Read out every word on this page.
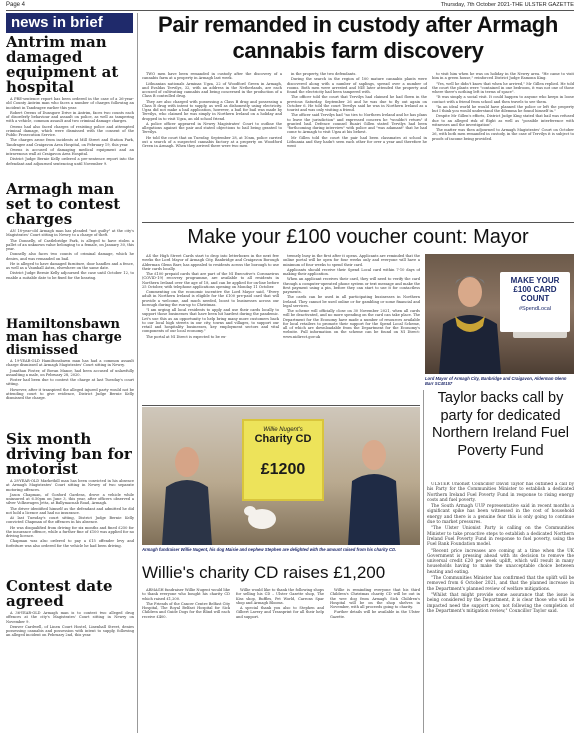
Page 4	Thursday, 7th October 2021-THE ULSTER GAZETTE
news in brief
Antrim man damaged equipment at hospital

A PRE-sentence report has been ordered in the case of a 26-year-old County Antrim man who faces a number of charges following an incident in Tandragee earlier this year.

Robert Owens of Dunsgore Drive in Antrim, faces two counts each of disorderly behaviour and assault on police, as well as tampering with a vehicle, common assault and two criminal damage charges.

Owens had also faced charges of resisting police and attempted criminal damage, which were dismissed with the consent of the Public Prosecution Service.

The charges arose from incidents at Mill Street and Station Park, Tandragee and Craigavon Area Hospital, on February 19, this year.

Owens is accused of damaging medical equipment and an intravenous wall at Craigavon Area Hospital.

District Judge Bernie Kelly ordered a pre-sentence report into the defendant and adjourned sentencing until November 9.

Armagh man set to contest charges

AN 18-year-old Armagh man has pleaded "not guilty" at the city's Magistrates' Court sitting in Newry to a charge of theft.

The Donnelly, of Castlebridge Park, is alleged to have stolen a pallet of an unknown value belonging to a female, on January 30, this year.

Donnelly also faces two counts of criminal damage, which he denies, and was remanded on bail.

He is alleged to have damaged furniture, door handles and a fence, as well as a Vauxhall Astra, elsewhere on the same date.

District Judge Bernie Kelly adjourned the case until October 12, to enable a suitable date to be fixed for the hearing.

Hamiltonsbawn man has charge dismissed

A 19-YEAR-OLD Hamiltonsbawn man has had a common assault charge dismissed at Armagh Magistrates' Court sitting in Newry.

Jonathan Foster, of Bovan Manor, had been accused of unlawfully assaulting a male, on February 28, 2020.

Foster had been due to contest the charge at last Tuesday's court sitting.

However, after it transpired the alleged injured party would not be attending court to give evidence, District Judge Bernie Kelly dismissed the charge.

Six month driving ban for motorist

A 28-YEAR-OLD Markethill man has been convicted in his absence at Armagh Magistrates' Court sitting in Newry of two separate motoring offences.

Jason Chapman, of Gosford Gardens, drove a vehicle while uninsured at 6.50pm on June 3, this year, after officers observed a silver Volkswagen Jetta, at Ballymacnab Road, Armagh.

The driver identified himself as the defendant and admitted he did not hold a licence and had no insurance.

At last Tuesday's court sitting, District Judge Bernie Kelly convicted Chapman of the offences in his absence.

He was disqualified from driving for six months and fined £250 for the insurance offence, while a further fine of £100 was applied for no driving licence.

Chapman was also ordered to pay a £15 offender levy and forfeiture was also ordered for the vehicle he had been driving.

Contest date agreed

A 36-YEAR-OLD Armagh man is to contest two alleged drug offences at the city's Magistrates' Court sitting in Newry on November 9.

Denver Cardwell, of Linen Court Hostel, Linenhall Street, denies possessing cannabis and possession with intent to supply, following an alleged incident on February 2nd, this year.

Pair remanded in custody after Armagh cannabis farm discovery

TWO men have been remanded in custody after the discovery of a cannabis farm at a property in Armagh last week.

Lithuanian nationals Arminas Ugza, 22 of Woodford Green in Armagh, and Evaldas Tervilys, 32, with an address in the Netherlands, are each accused of cultivating cannabis and being concerned in the production of a Class B controlled drug.

They are also charged with possessing a Class B drug and possessing a Class B drug with intent to supply, as well as dishonestly using electricity. Ugza did not make a bail application, however, a bail for bail was made by Tervilys, who claimed he was simply in Northern Ireland on a holiday and dropped in to visit Ugza, an old school friend.

A police officer appeared in Newry Magistrates' Court to outline the allegations against the pair and stated objections to bail being granted to Tervilys.

He told the court that on Tuesday, September 28, at 10am, police carried out a search of a suspected cannabis factory at a property on Woodford Green in Armagh. When they arrived there were two men

in the property, the two defendants.

During the search in the region of 100 mature cannabis plants were discovered along with a number of saplings, spread over a number of rooms. Both men were arrested and NIE later attended the property and found the electricity had been tampered with.

The officer told the court that Tervilys had claimed he had flown in the previous Saturday, September 26 and he was due to fly out again on October 6. He told the court Tervilys said he was in Northern Ireland as a tourist and was only visiting a friend.

The officer said Tervilys had "no ties to Northern Ireland and he has plans to leave the jurisdiction" and expressed concern he "wouldn't return" if granted bail. Defence counsel Ruairi Gillen stated Tervilys had been "forthcoming during interview" with police and "was adamant" that he had come to Armagh to visit Ugza at his behest.

Mr Gillen told the court the pair had been classmates at school in Lithuania and they hadn't seen each other for over a year and therefore he went

to visit him when he was on holiday in the Newry area. "He came to visit him in a green house," reinforced District Judge Eamonn King.

"Yes, well he didn't know that when he arrived," Mr Gillen replied. He told the court the plants were "contained in one bedroom, it was not one of those where there's nothing left in terms of space".

"It was simply a social visit. It could happen to anyone who keeps in loose contact with a friend from school and then travels to see them.

"In an ideal world he would have planned the police or left the property but I think you would understand the dilemma he found himself in."

Despite Mr Gillen's efforts, District Judge King stated that bail was refused due to an alleged risk of flight as well as "possible interference with witnesses and the investigation".

The matter was then adjourned to Armagh Magistrates' Court on October 26, with both men remanded in custody, in the case of Tervilys it is subject to proofs of income being provided.

Make your £100 voucher count: Mayor

AS the High Street Cards start to drop into letterboxes in the next few weeks the Lord Mayor of Armagh City, Banbridge and Craigavon Borough Alderman Glenn Barr, has appealed to residents across the borough to use their cards locally.

The £100 prepaid cards that are part of the NI Executive's Coronavirus (COVID-19) recovery programme, are available to all residents in Northern Ireland over the age of 18, and can be applied for on-line before 25 October, with telephone applications opening on Monday 11 October.

Commenting on the economic incentive the Lord Mayor said, "Every adult in Northern Ireland is eligible for the £100 pre-paid card that will provide a welcome, and much needed, boost to businesses across our borough during the run-up to Christmas.

"I am urging all local residents to apply and use their cards locally to support those businesses that have been hit hardest during the pandemic. Let's use this as an opportunity to help bring many more customers back to our local high streets in our city, towns and villages, to support our retail and hospitality businesses, key employment sectors and vital components of our local economy."

The portal at NI Direct is expected to be ex-

tremely busy in the first after it opens. Applicants are reminded that the online portal will be open for four weeks only and everyone will have a minimum of four weeks to spend their card.

Applicants should receive their Spend Local card within 7-10 days of making their application.

When an applicant receives their card, they will need to verify the card through a computer-operated phone system or text message and make the first payment using a pin, before they can start to use it for contactless payments.

The cards can be used in all participating businesses in Northern Ireland. They cannot be used online or for gambling or some financial and legal services.

The scheme will officially close on 30 November 2021, when all cards will be deactivated, and no more spending on the card can take place. The Department for the Economy have made a number of resources available for local retailers to promote their support for the Spend Local Scheme, all of which are downloadable from the Department for the Economy's website. Full information on the scheme can be found on NI Direct: www.nidirect.gov.uk

MAKE YOUR
£100 CARD
COUNT
#SpendLocal
Lord Mayor of Armagh City, Banbridge and Craigavon, Alderman Glenn Barr SC40157
Willie Nugent's
Charity CD
£1200
Armagh fundraiser Willie Nugent, his dog Maisie and nephew Stephen are delighted with the amount raised from his charity CD.
Willie's charity CD raises £1,200

ARMAGH fundraiser Willie Nugent would like to thank everyone who bought his charity CD which raised £1,200.

The Friends of the Cancer Centre Belfast City Hospital, The Royal Belfast Hospital for Sick Children and Guide Dogs for the Blind will each receive £400.

Willie would like to thank the following shops for selling his CD – Ulster Gazette shop, The Kiss shop, Ruffles, Pet World, Carrons Spar shop and Armagh Blooms.

A special thank you also to Stephen and Gilbert Lavery and Transprint for all their help and support.

Willie is reminding everyone that his third Children's Christmas charity CD will be out in the wee dog from Armagh Sick Children's Hospital will be on the shop shelves in November, with all proceeds going to charity.

Further details will be available in the Ulster Gazette.

Taylor backs call by party for dedicated Northern Ireland Fuel Poverty Fund

ULSTER Unionist Councillor David Taylor has outlined a call by his Party for the Communities Minister to establish a dedicated Northern Ireland Fuel Poverty Fund in response to rising energy costs and fuel poverty.

The South Armagh UUP representative said in recent months a significant spike has been witnessed in the cost of household energy and there is a genuine fear this is only going to continue due to market pressures.

"The Ulster Unionist Party is calling on the Communities Minister to take proactive steps to establish a dedicated Northern Ireland Fuel Poverty Fund in response to fuel poverty, using the Fuel Bank Foundation model.

"Recent price increases are coming at a time when the UK Government is pressing ahead with its decision to remove the universal credit £20 per week uplift, which will result in many households having to make the unacceptable choice between heating and eating.

"The Communities Minister has confirmed that the uplift will be removed from 6 October 2021, and that the planned increase in the Department's planned review of welfare mitigations.

"Whilst that might provide some assurance that the issue is being considered by the Department, it is clear those who will be impacted need the support now, not following the completion of the Department's mitigation review," Councillor Taylor said.
